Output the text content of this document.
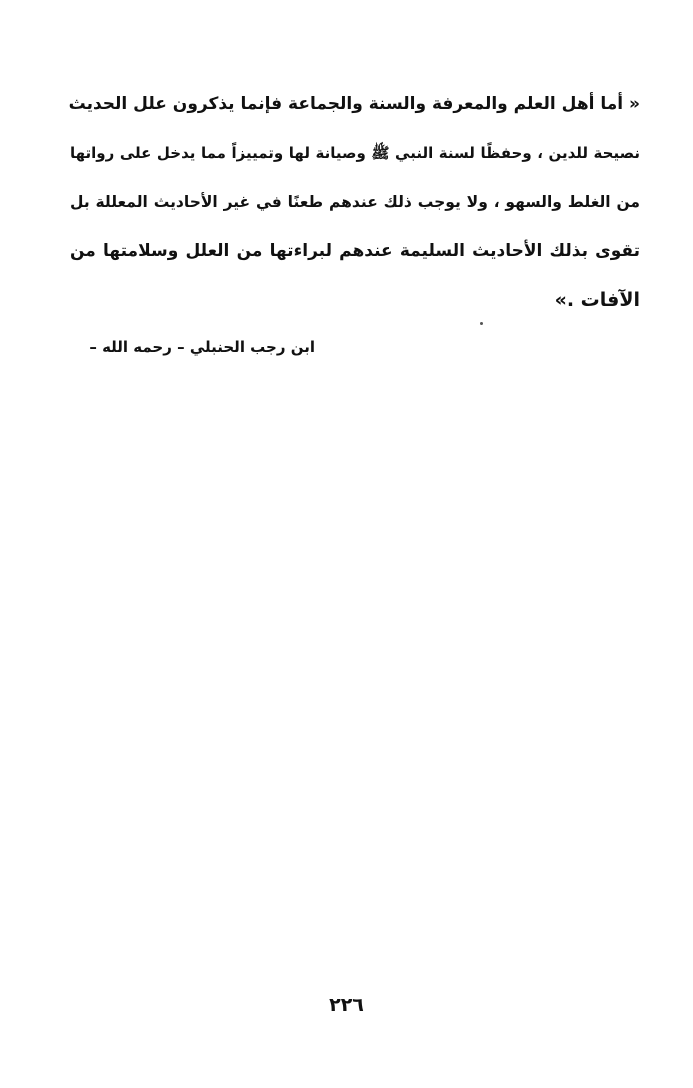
« أما أهل العلم والمعرفة والسنة والجماعة فإنما يذكرون علل الحديث
نصيحة للدين ، وحفظًا لسنة النبي ﷺ وصيانة لها وتمييزاً مما يدخل على رواتها
من الغلط والسهو ، ولا يوجب ذلك عندهم طعنًا في غير الأحاديث المعللة بل
تقوى بذلك الأحاديث السليمة عندهم لبراءتها من العلل وسلامتها من
الآفات .»
ابن رجب الحنبلي – رحمه الله –
٢٢٦
